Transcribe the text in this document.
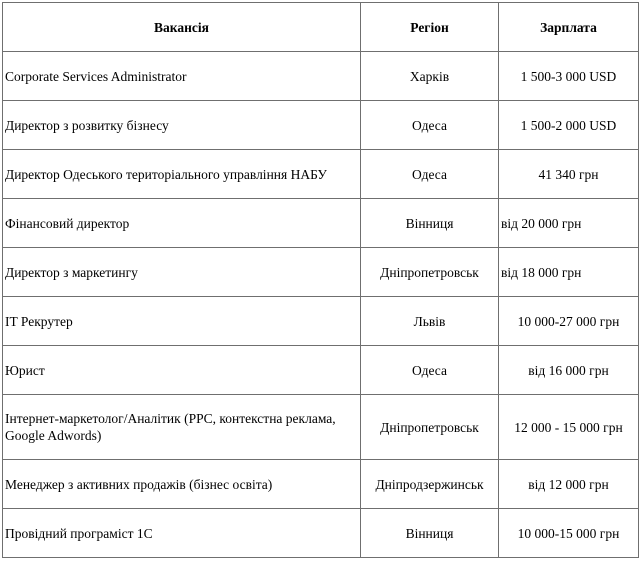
Вакансія	Регіон	Зарплата
Corporate Services Administrator	Харків	1 500-3 000 USD
Директор з розвитку бізнесу	Одеса	1 500-2 000 USD
Директор Одеського територіального управління НАБУ	Одеса	41 340 грн
Фінансовий директор	Вінниця	від 20 000 грн
Директор з маркетингу	Дніпропетровськ	від 18 000 грн
IT Рекрутер	Львів	10 000-27 000 грн
Юрист	Одеса	від 16 000 грн
Інтернет-маркетолог/Аналітик (PPC, контекстна реклама, Google Adwords)	Дніпропетровськ	12 000 - 15 000 грн
Менеджер з активних продажів (бізнес освіта)	Дніпродзержинськ	від 12 000 грн
Провідний програміст 1С	Вінниця	10 000-15 000 грн
